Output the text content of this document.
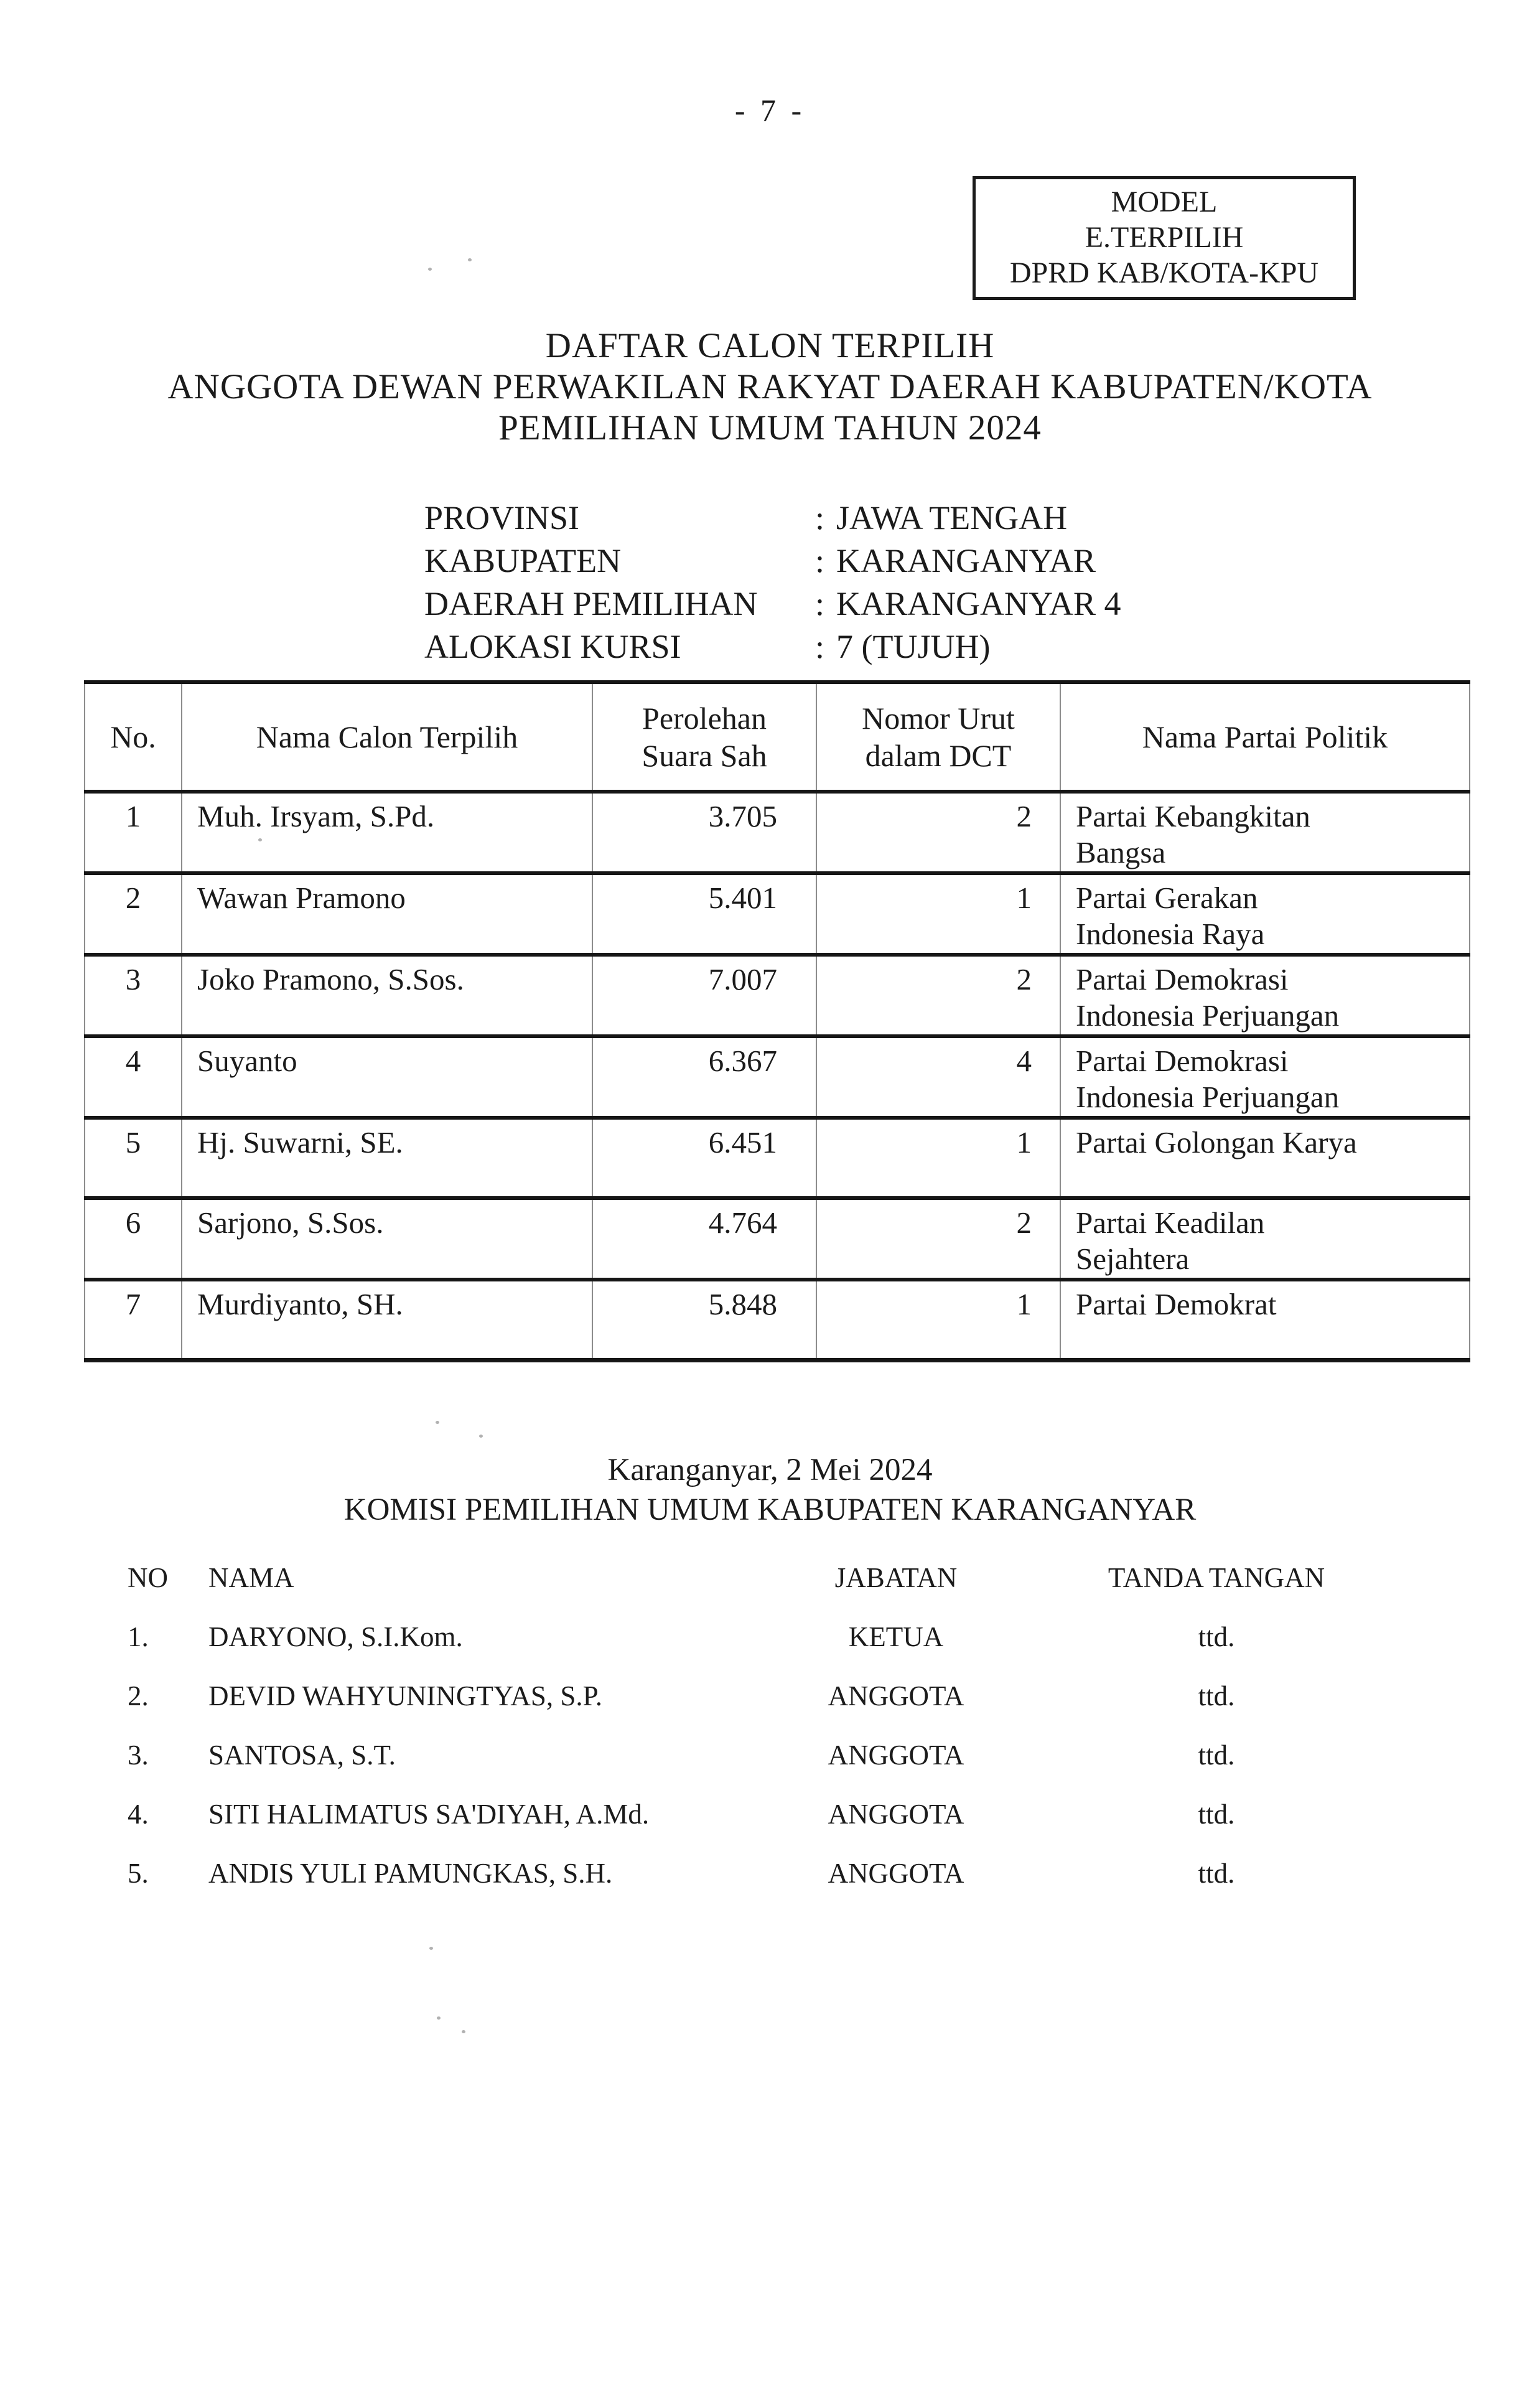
- 7 -
MODEL
E.TERPILIH
DPRD KAB/KOTA-KPU
DAFTAR CALON TERPILIH
ANGGOTA DEWAN PERWAKILAN RAKYAT DAERAH KABUPATEN/KOTA
PEMILIHAN UMUM TAHUN 2024
PROVINSI	: JAWA TENGAH
KABUPATEN	: KARANGANYAR
DAERAH PEMILIHAN : KARANGANYAR 4
ALOKASI KURSI	: 7 (TUJUH)
No.	Nama Calon Terpilih	Perolehan Suara Sah	Nomor Urut dalam DCT	Nama Partai Politik
1	Muh. Irsyam, S.Pd.	3.705	2	Partai Kebangkitan Bangsa
2	Wawan Pramono	5.401	1	Partai Gerakan Indonesia Raya
3	Joko Pramono, S.Sos.	7.007	2	Partai Demokrasi Indonesia Perjuangan
4	Suyanto	6.367	4	Partai Demokrasi Indonesia Perjuangan
5	Hj. Suwarni, SE.	6.451	1	Partai Golongan Karya
6	Sarjono, S.Sos.	4.764	2	Partai Keadilan Sejahtera
7	Murdiyanto, SH.	5.848	1	Partai Demokrat
Karanganyar, 2 Mei 2024
KOMISI PEMILIHAN UMUM KABUPATEN KARANGANYAR
NO	NAMA	JABATAN	TANDA TANGAN
1.	DARYONO, S.I.Kom.	KETUA	ttd.
2.	DEVID WAHYUNINGTYAS, S.P.	ANGGOTA	ttd.
3.	SANTOSA, S.T.	ANGGOTA	ttd.
4.	SITI HALIMATUS SA'DIYAH, A.Md.	ANGGOTA	ttd.
5.	ANDIS YULI PAMUNGKAS, S.H.	ANGGOTA	ttd.
